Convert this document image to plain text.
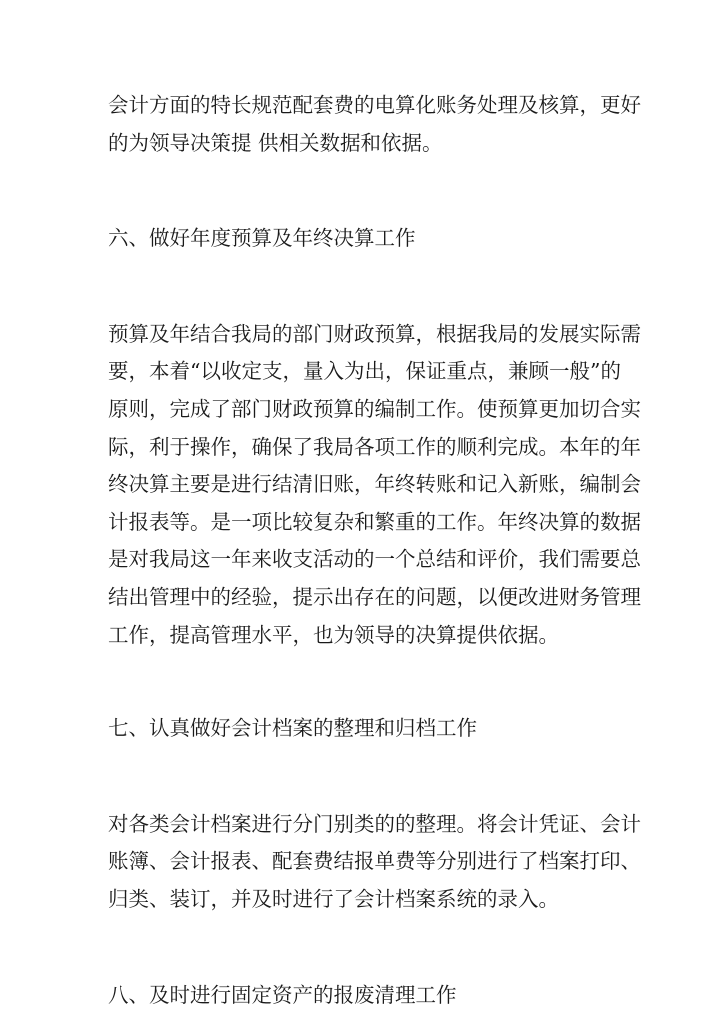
会计方面的特长规范配套费的电算化账务处理及核算，更好
的为领导决策提 供相关数据和依据。

六、做好年度预算及年终决算工作

预算及年结合我局的部门财政预算，根据我局的发展实际需
要，本着“以收定支，量入为出，保证重点，兼顾一般”的
原则，完成了部门财政预算的编制工作。使预算更加切合实
际，利于操作，确保了我局各项工作的顺利完成。本年的年
终决算主要是进行结清旧账，年终转账和记入新账，编制会
计报表等。是一项比较复杂和繁重的工作。年终决算的数据
是对我局这一年来收支活动的一个总结和评价，我们需要总
结出管理中的经验，提示出存在的问题，以便改进财务管理
工作，提高管理水平，也为领导的决算提供依据。

七、认真做好会计档案的整理和归档工作

对各类会计档案进行分门别类的的整理。将会计凭证、会计
账簿、会计报表、配套费结报单费等分别进行了档案打印、
归类、装订，并及时进行了会计档案系统的录入。

八、及时进行固定资产的报废清理工作
